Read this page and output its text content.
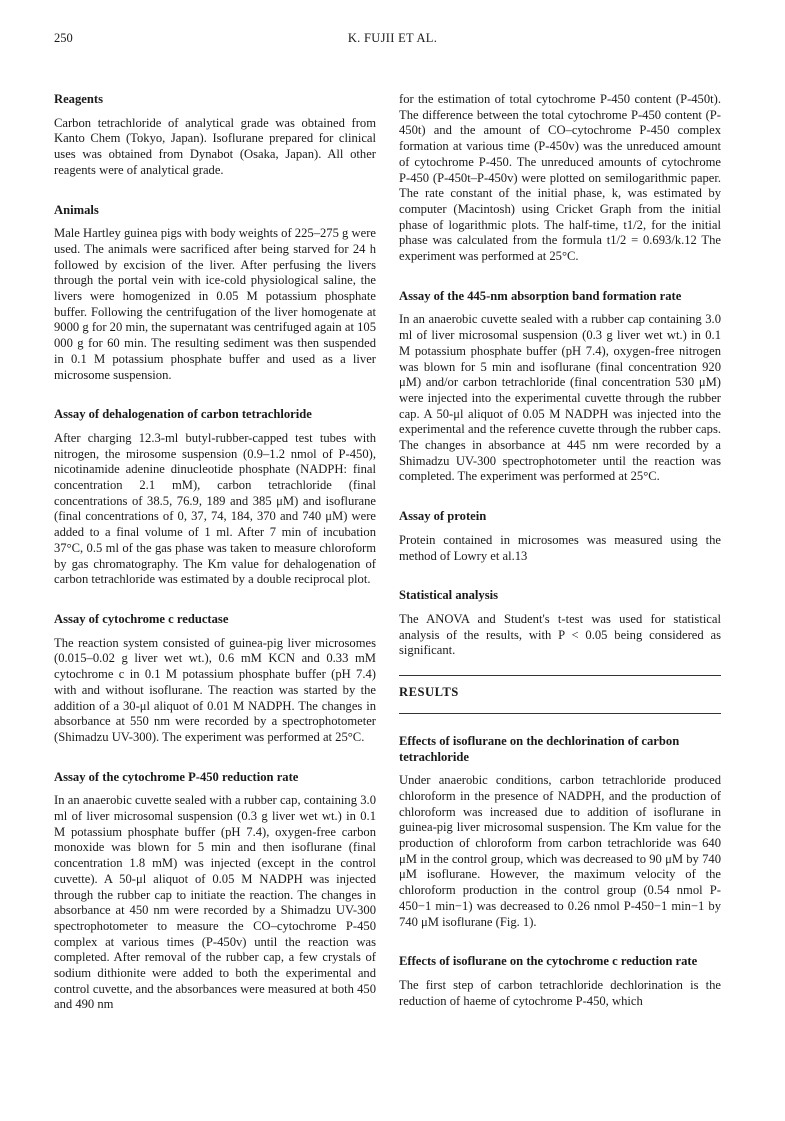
250	K. FUJII ET AL.

Reagents

Carbon tetrachloride of analytical grade was obtained from Kanto Chem (Tokyo, Japan). Isoflurane prepared for clinical uses was obtained from Dynabot (Osaka, Japan). All other reagents were of analytical grade.

Animals

Male Hartley guinea pigs with body weights of 225–275 g were used. The animals were sacrificed after being starved for 24 h followed by excision of the liver. After perfusing the livers through the portal vein with ice-cold physiological saline, the livers were homogenized in 0.05 M potassium phosphate buffer. Following the centrifugation of the liver homogenate at 9000 g for 20 min, the supernatant was centrifuged again at 105 000 g for 60 min. The resulting sediment was then suspended in 0.1 M potassium phosphate buffer and used as a liver microsome suspension.

Assay of dehalogenation of carbon tetrachloride

After charging 12.3-ml butyl-rubber-capped test tubes with nitrogen, the mirosome suspension (0.9–1.2 nmol of P-450), nicotinamide adenine dinucleotide phosphate (NADPH: final concentration 2.1 mM), carbon tetrachloride (final concentrations of 38.5, 76.9, 189 and 385 μM) and isoflurane (final concentrations of 0, 37, 74, 184, 370 and 740 μM) were added to a final volume of 1 ml. After 7 min of incubation 37°C, 0.5 ml of the gas phase was taken to measure chloroform by gas chromatography. The Km value for dehalogenation of carbon tetrachloride was estimated by a double reciprocal plot.

Assay of cytochrome c reductase

The reaction system consisted of guinea-pig liver microsomes (0.015–0.02 g liver wet wt.), 0.6 mM KCN and 0.33 mM cytochrome c in 0.1 M potassium phosphate buffer (pH 7.4) with and without isoflurane. The reaction was started by the addition of a 30-μl aliquot of 0.01 M NADPH. The changes in absorbance at 550 nm were recorded by a spectrophotometer (Shimadzu UV-300). The experiment was performed at 25°C.

Assay of the cytochrome P-450 reduction rate

In an anaerobic cuvette sealed with a rubber cap, containing 3.0 ml of liver microsomal suspension (0.3 g liver wet wt.) in 0.1 M potassium phosphate buffer (pH 7.4), oxygen-free carbon monoxide was blown for 5 min and then isoflurane (final concentration 1.8 mM) was injected (except in the control cuvette). A 50-μl aliquot of 0.05 M NADPH was injected through the rubber cap to initiate the reaction. The changes in absorbance at 450 nm were recorded by a Shimadzu UV-300 spectrophotometer to measure the CO–cytochrome P-450 complex at various times (P-450v) until the reaction was completed. After removal of the rubber cap, a few crystals of sodium dithionite were added to both the experimental and control cuvette, and the absorbances were measured at both 450 and 490 nm

for the estimation of total cytochrome P-450 content (P-450t). The difference between the total cytochrome P-450 content (P-450t) and the amount of CO–cytochrome P-450 complex formation at various time (P-450v) was the unreduced amount of cytochrome P-450. The unreduced amounts of cytochrome P-450 (P-450t–P-450v) were plotted on semilogarithmic paper. The rate constant of the initial phase, k, was estimated by computer (Macintosh) using Cricket Graph from the initial phase of logarithmic plots. The half-time, t1/2, for the initial phase was calculated from the formula t1/2 = 0.693/k.12 The experiment was performed at 25°C.

Assay of the 445-nm absorption band formation rate

In an anaerobic cuvette sealed with a rubber cap containing 3.0 ml of liver microsomal suspension (0.3 g liver wet wt.) in 0.1 M potassium phosphate buffer (pH 7.4), oxygen-free nitrogen was blown for 5 min and isoflurane (final concentration 920 μM) and/or carbon tetrachloride (final concentration 530 μM) were injected into the experimental cuvette through the rubber cap. A 50-μl aliquot of 0.05 M NADPH was injected into the experimental and the reference cuvette through the rubber caps. The changes in absorbance at 445 nm were recorded by a Shimadzu UV-300 spectrophotometer until the reaction was completed. The experiment was performed at 25°C.

Assay of protein

Protein contained in microsomes was measured using the method of Lowry et al.13

Statistical analysis

The ANOVA and Student's t-test was used for statistical analysis of the results, with P < 0.05 being considered as significant.

RESULTS

Effects of isoflurane on the dechlorination of carbon tetrachloride

Under anaerobic conditions, carbon tetrachloride produced chloroform in the presence of NADPH, and the production of chloroform was increased due to addition of isoflurane in guinea-pig liver microsomal suspension. The Km value for the production of chloroform from carbon tetrachloride was 640 μM in the control group, which was decreased to 90 μM by 740 μM isoflurane. However, the maximum velocity of the chloroform production in the control group (0.54 nmol P-450−1 min−1) was decreased to 0.26 nmol P-450−1 min−1 by 740 μM isoflurane (Fig. 1).

Effects of isoflurane on the cytochrome c reduction rate

The first step of carbon tetrachloride dechlorination is the reduction of haeme of cytochrome P-450, which
